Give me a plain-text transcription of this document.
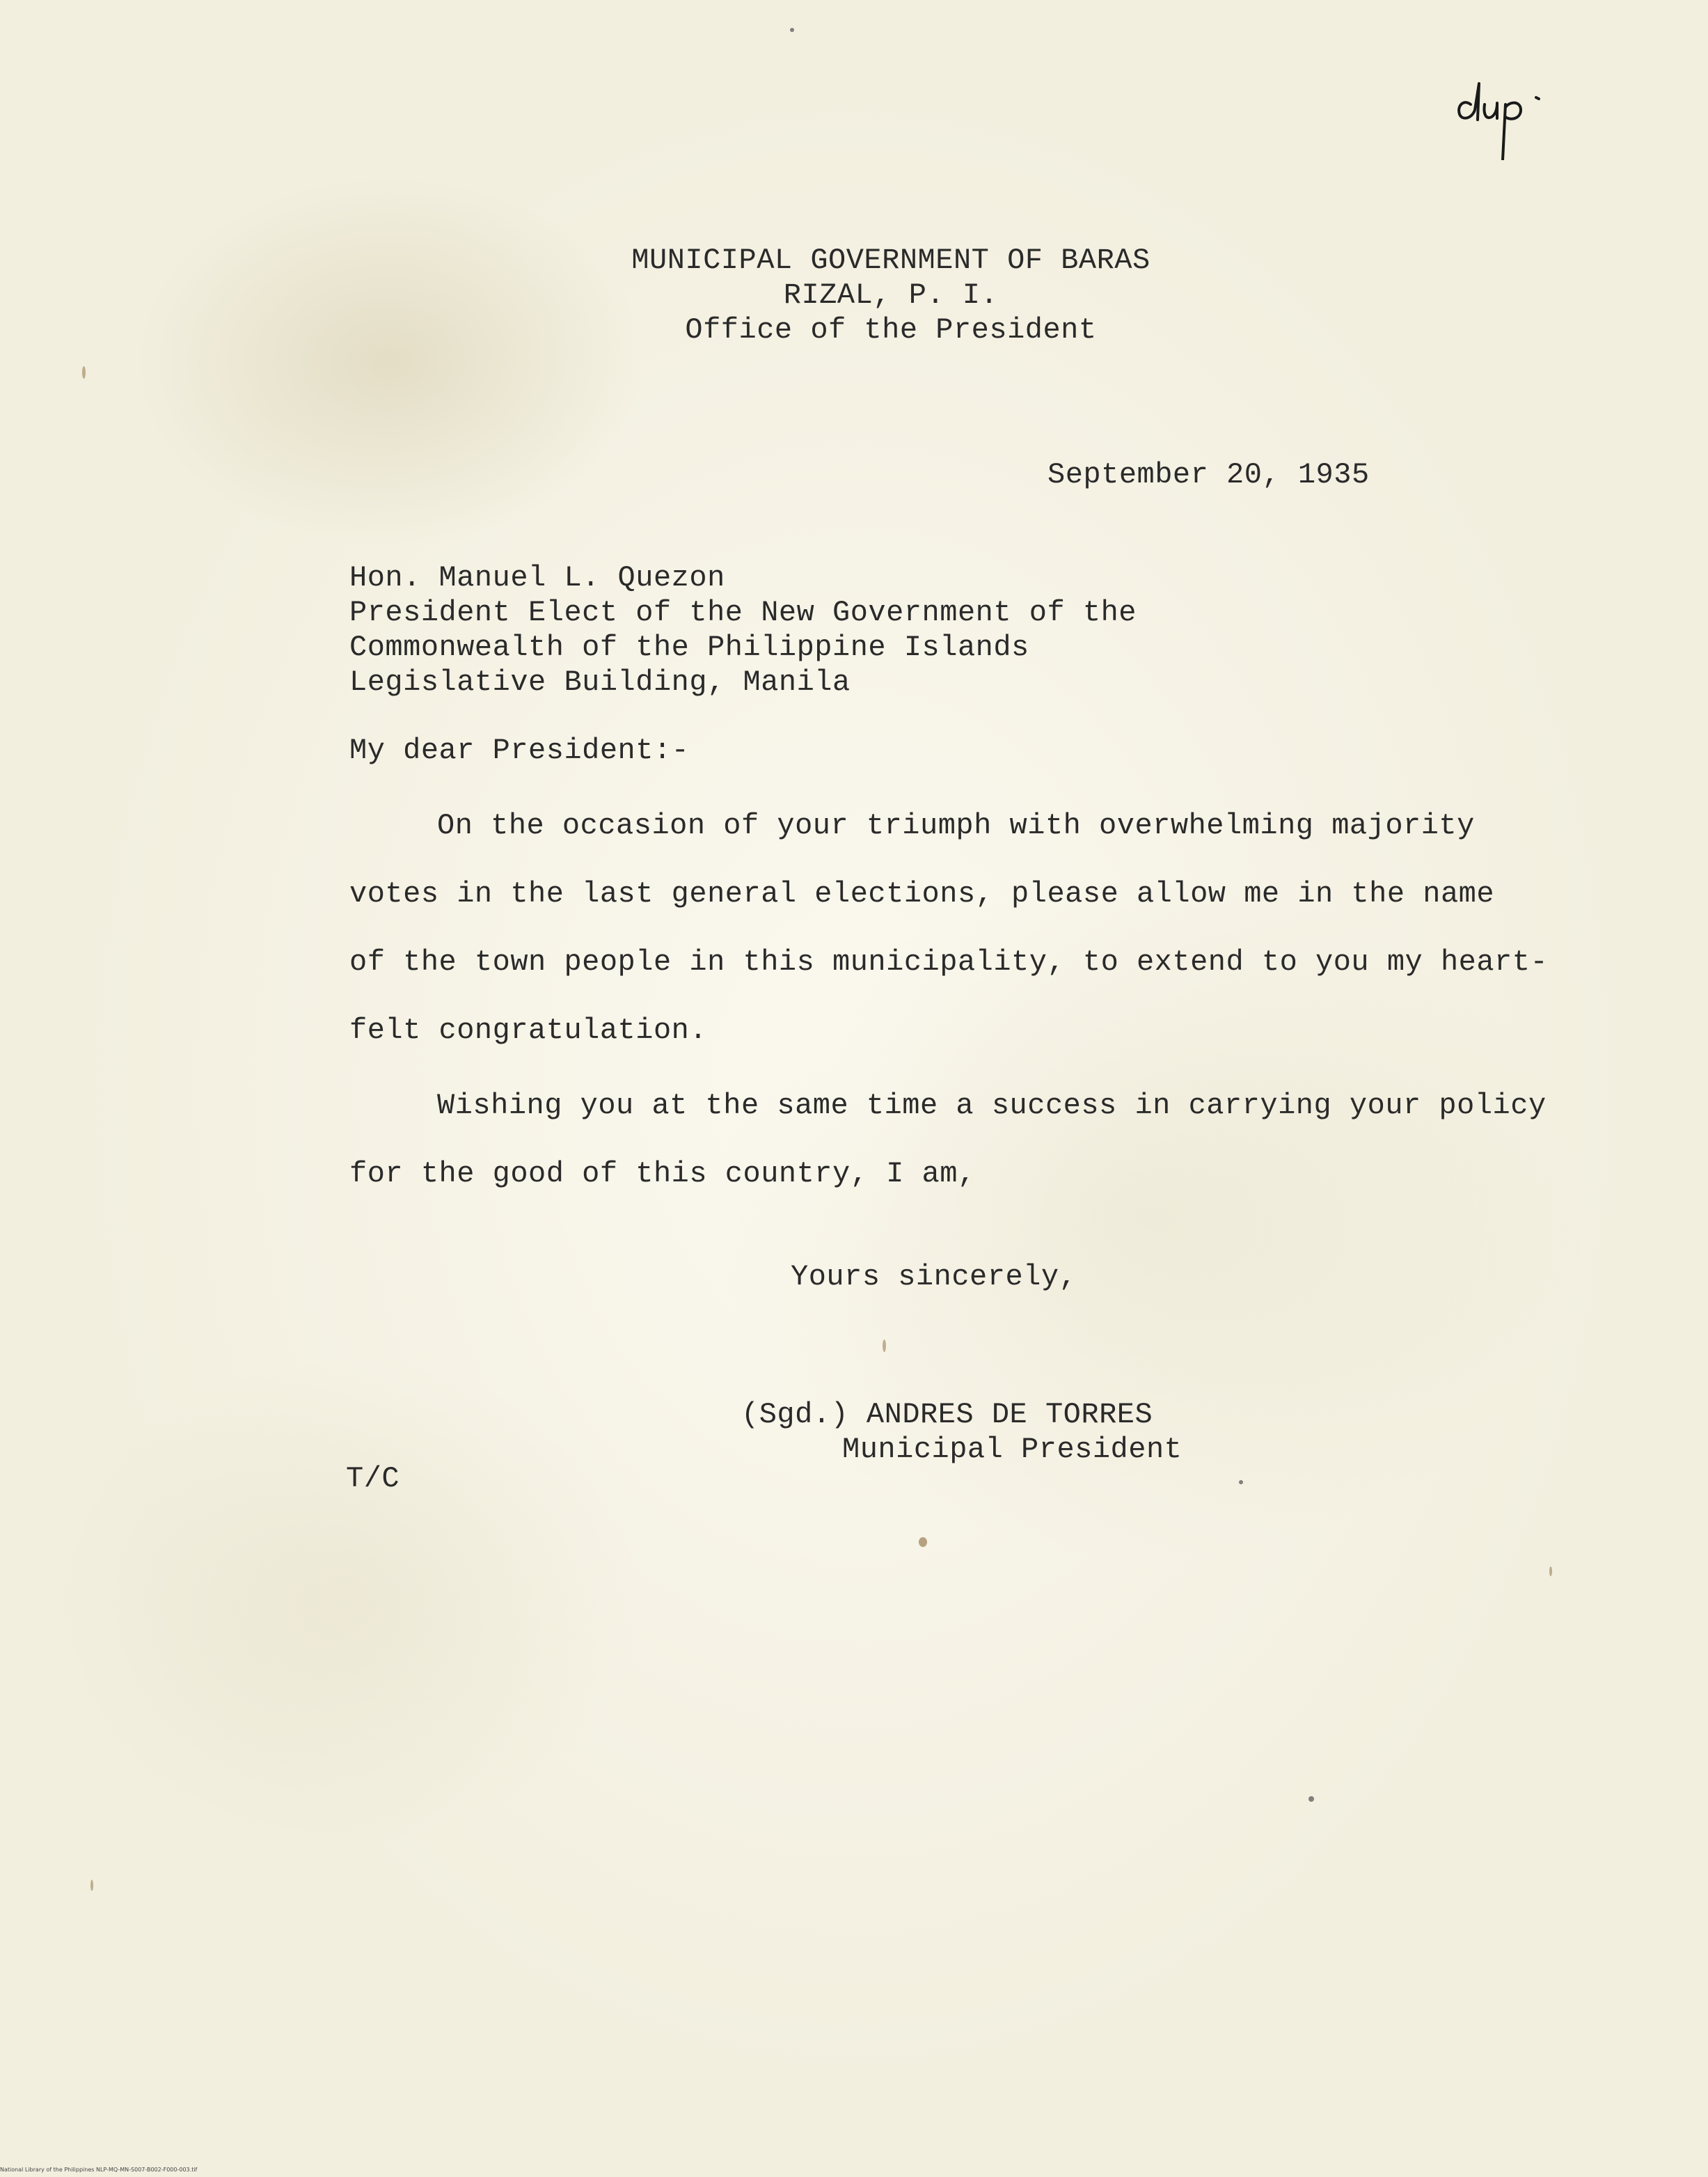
MUNICIPAL GOVERNMENT OF BARAS
RIZAL, P. I.
Office of the President
September 20, 1935
Hon. Manuel L. Quezon
President Elect of the New Government of the
Commonwealth of the Philippine Islands
Legislative Building, Manila
My dear President:-
On the occasion of your triumph with overwhelming majority
votes in the last general elections, please allow me in the name
of the town people in this municipality, to extend to you my heart-
felt congratulation.
Wishing you at the same time a success in carrying your policy
for the good of this country, I am,
Yours sincerely,
(Sgd.) ANDRES DE TORRES
Municipal President
T/C
National Library of the Philippines NLP-MQ-MN-S007-B002-F000-003.tif
